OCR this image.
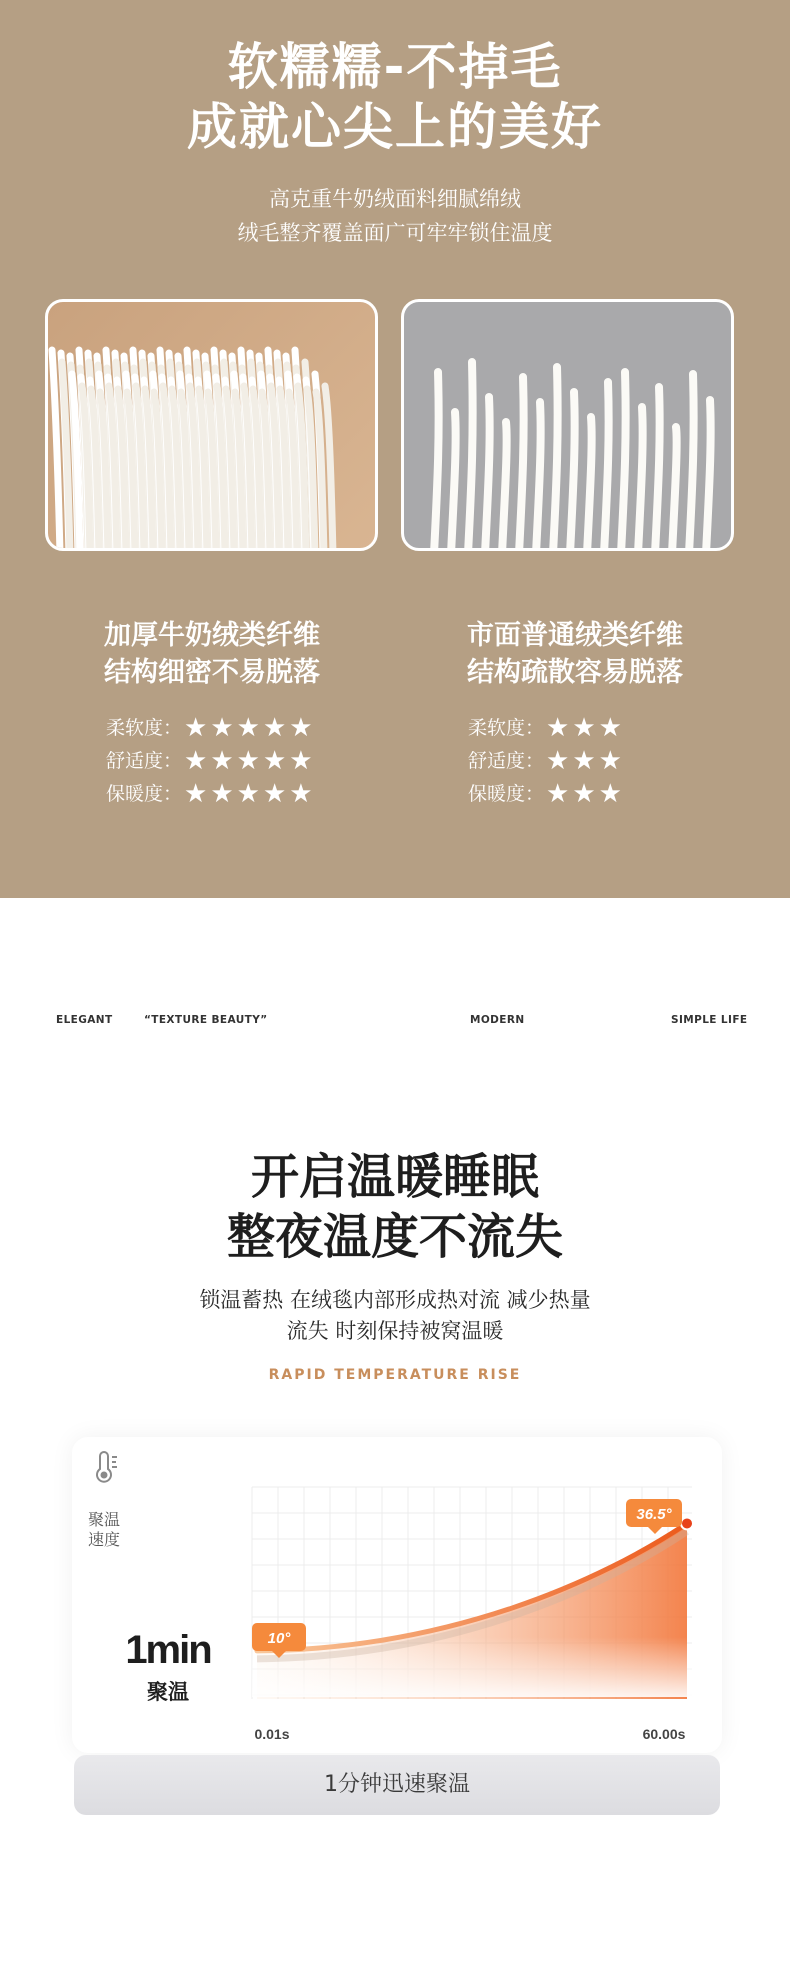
软糯糯-不掉毛
成就心尖上的美好
高克重牛奶绒面料细腻绵绒
绒毛整齐覆盖面广可牢牢锁住温度
加厚牛奶绒类纤维
结构细密不易脱落
市面普通绒类纤维
结构疏散容易脱落
柔软度：★★★★★
舒适度：★★★★★
保暖度：★★★★★
柔软度：★★★
舒适度：★★★
保暖度：★★★
ELEGANT	“TEXTURE BEAUTY”	MODERN	SIMPLE LIFE
开启温暖睡眠
整夜温度不流失
锁温蓄热 在绒毯内部形成热对流 减少热量
流失 时刻保持被窝温暖
RAPID TEMPERATURE RISE
聚温
速度
1min
聚温
0.01s	60.00s
10°
36.5°
1分钟迅速聚温
